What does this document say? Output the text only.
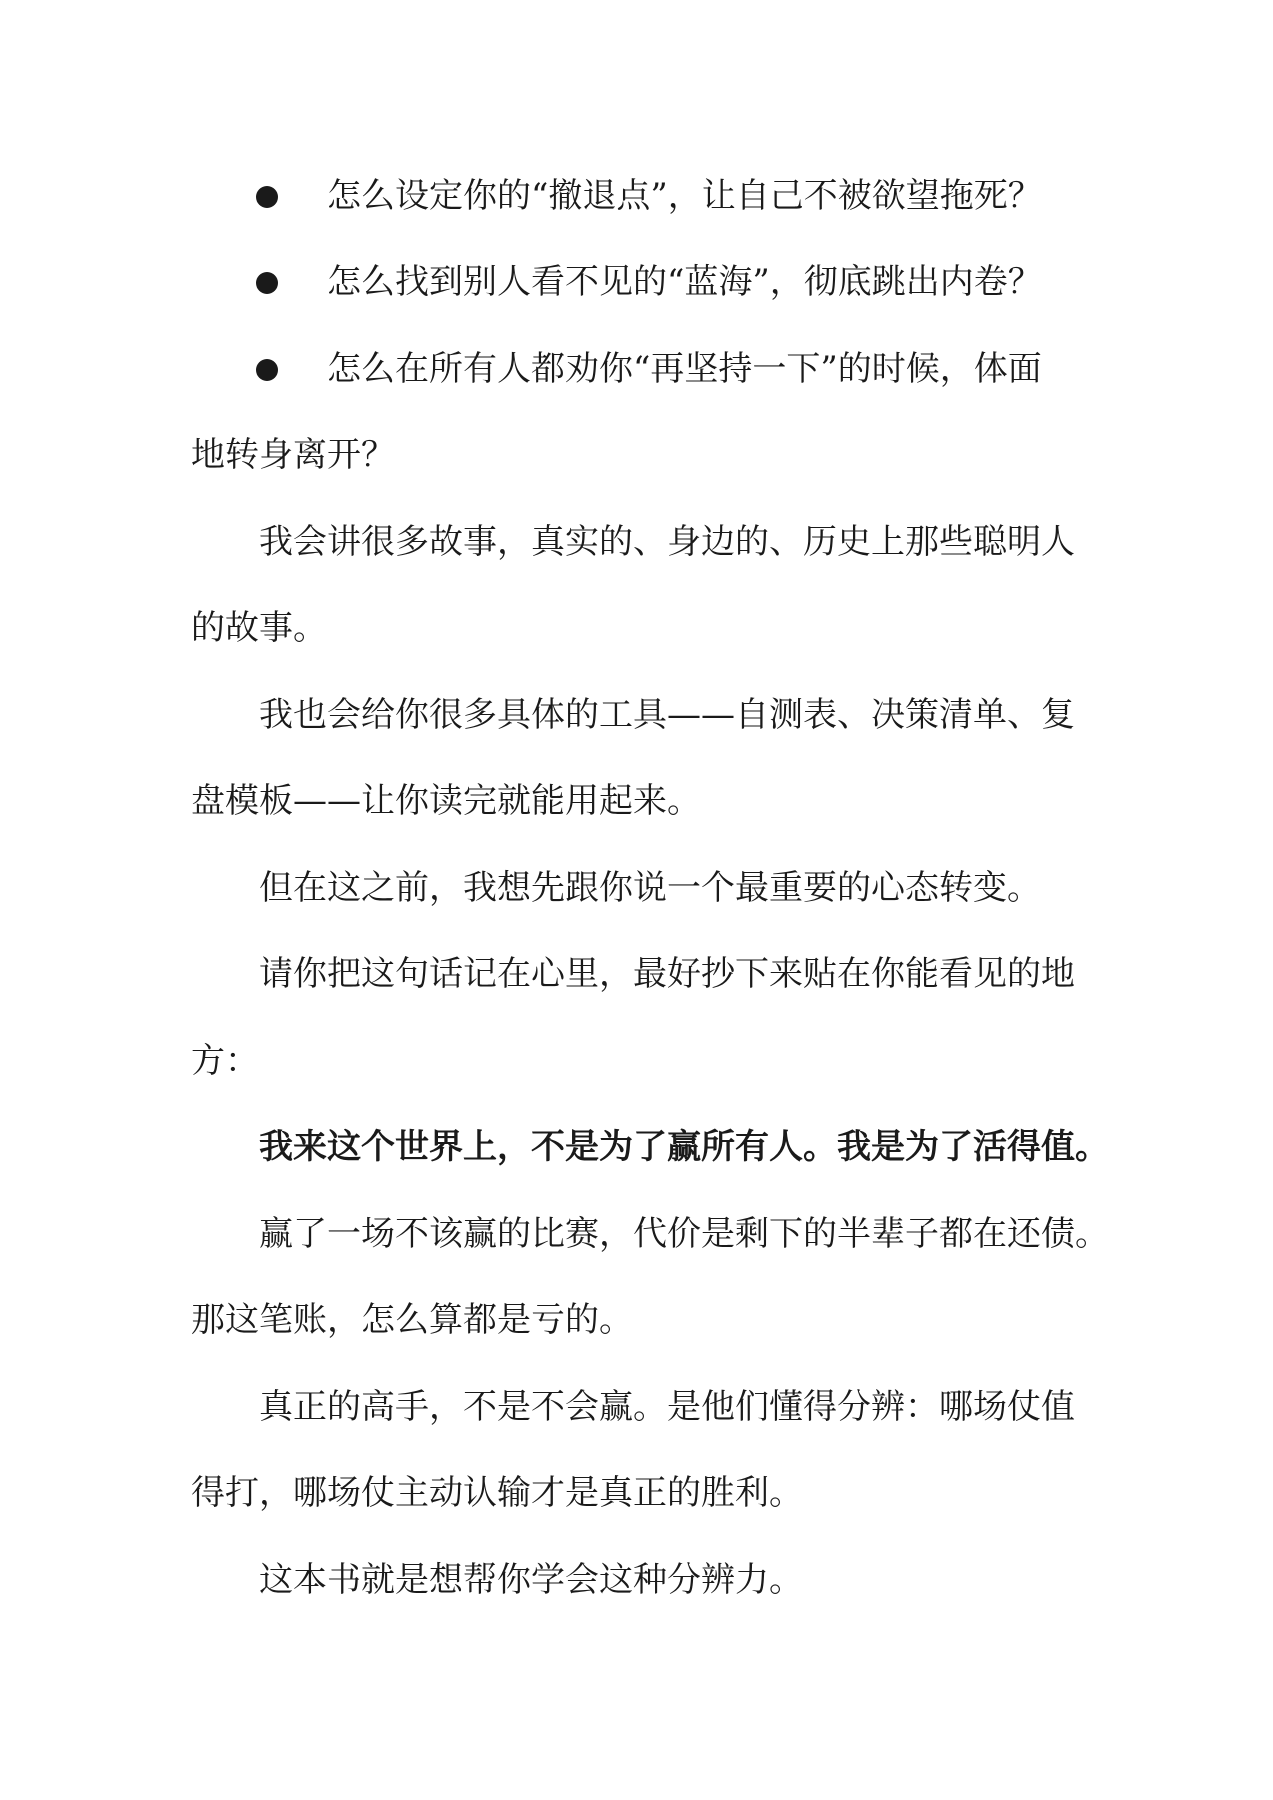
怎么设定你的“撤退点”，让自己不被欲望拖死？
怎么找到别人看不见的“蓝海”，彻底跳出内卷？
怎么在所有人都劝你“再坚持一下”的时候，体面
地转身离开？
我会讲很多故事，真实的、身边的、历史上那些聪明人
的故事。
我也会给你很多具体的工具——自测表、决策清单、复
盘模板——让你读完就能用起来。
但在这之前，我想先跟你说一个最重要的心态转变。
请你把这句话记在心里，最好抄下来贴在你能看见的地
方：
我来这个世界上，不是为了赢所有人。我是为了活得值。
赢了一场不该赢的比赛，代价是剩下的半辈子都在还债。
那这笔账，怎么算都是亏的。
真正的高手，不是不会赢。是他们懂得分辨：哪场仗值
得打，哪场仗主动认输才是真正的胜利。
这本书就是想帮你学会这种分辨力。
